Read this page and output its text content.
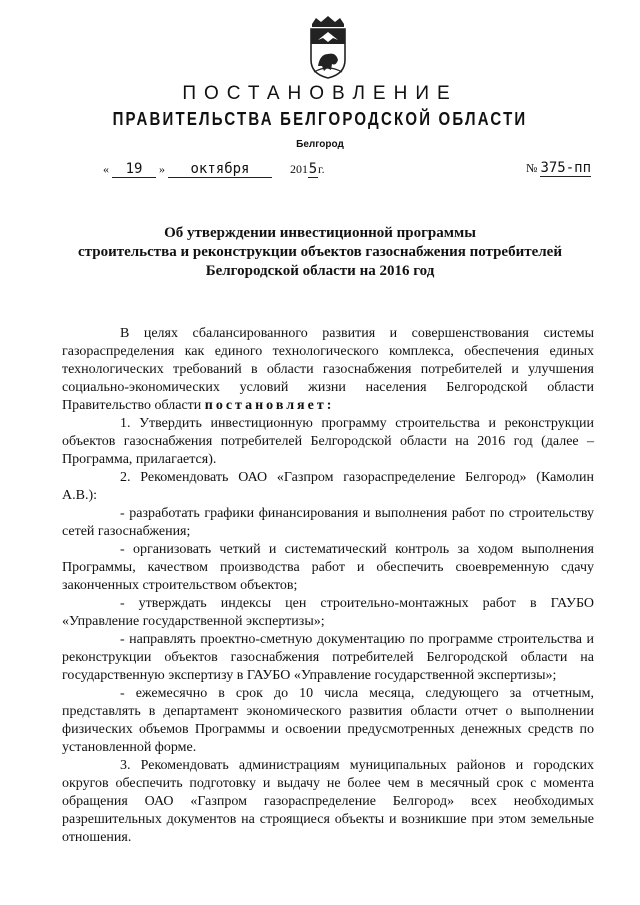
ПОСТАНОВЛЕНИЕ
ПРАВИТЕЛЬСТВА БЕЛГОРОДСКОЙ ОБЛАСТИ
Белгород
« 19 » октября	2015г.	№ 375-пп
Об утверждении инвестиционной программы
строительства и реконструкции объектов газоснабжения потребителей
Белгородской области на 2016 год

В целях сбалансированного развития и совершенствования системы газораспределения как единого технологического комплекса, обеспечения единых технологических требований в области газоснабжения потребителей и улучшения социально-экономических условий жизни населения Белгородской области Правительство области постановляет:

1. Утвердить инвестиционную программу строительства и реконструкции объектов газоснабжения потребителей Белгородской области на 2016 год (далее – Программа, прилагается).

2. Рекомендовать ОАО «Газпром газораспределение Белгород» (Камолин А.В.):

- разработать графики финансирования и выполнения работ по строительству сетей газоснабжения;

- организовать четкий и систематический контроль за ходом выполнения Программы, качеством производства работ и обеспечить своевременную сдачу законченных строительством объектов;

- утверждать индексы цен строительно-монтажных работ в ГАУБО «Управление государственной экспертизы»;

- направлять проектно-сметную документацию по программе строительства и реконструкции объектов газоснабжения потребителей Белгородской области на государственную экспертизу в ГАУБО «Управление государственной экспертизы»;

- ежемесячно в срок до 10 числа месяца, следующего за отчетным, представлять в департамент экономического развития области отчет о выполнении физических объемов Программы и освоении предусмотренных денежных средств по установленной форме.

3. Рекомендовать администрациям муниципальных районов и городских округов обеспечить подготовку и выдачу не более чем в месячный срок с момента обращения ОАО «Газпром газораспределение Белгород» всех необходимых разрешительных документов на строящиеся объекты и возникшие при этом земельные отношения.
